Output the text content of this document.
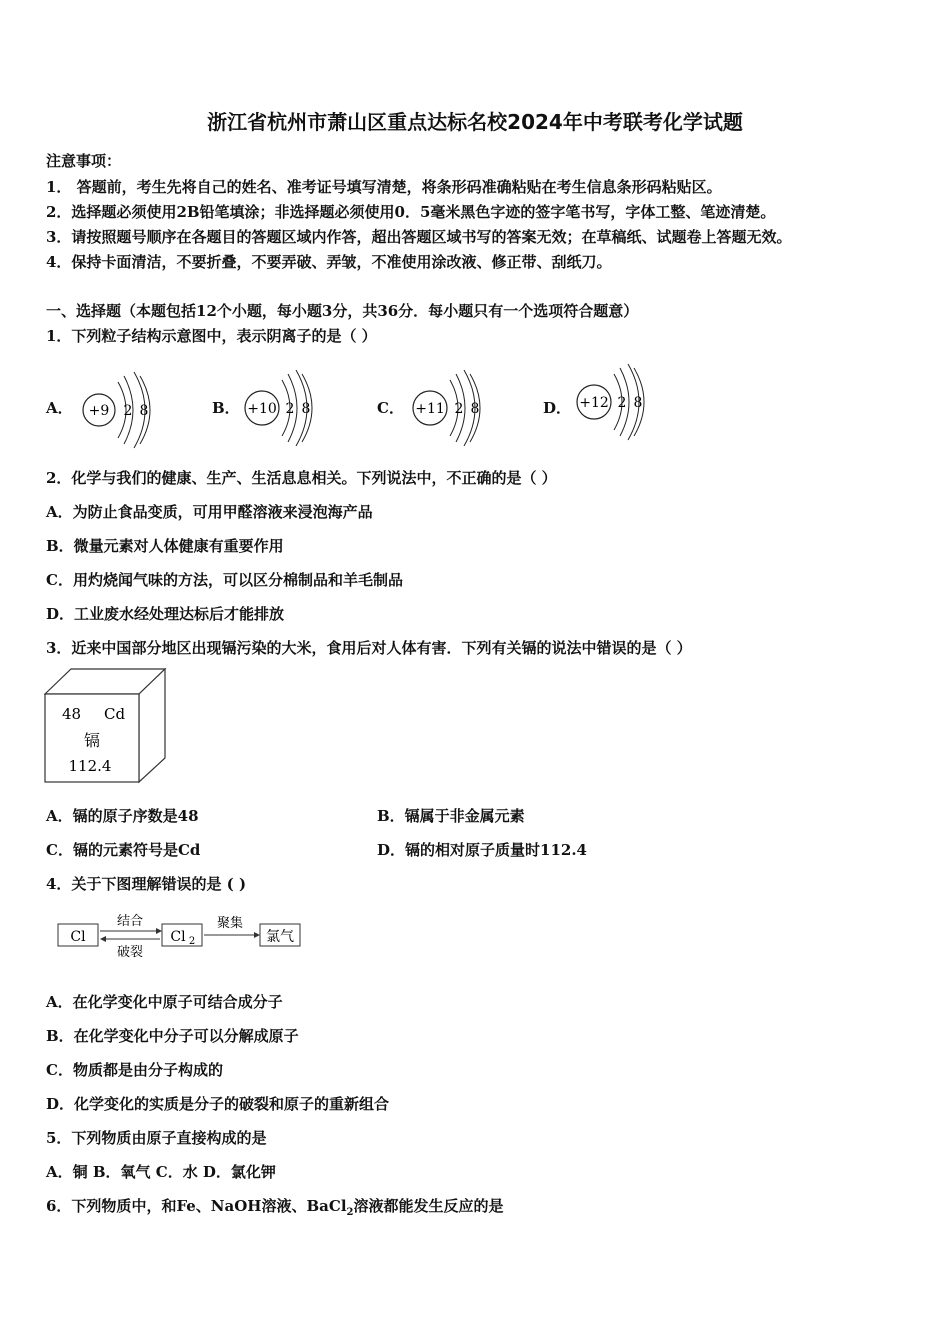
浙江省杭州市萧山区重点达标名校2024年中考联考化学试题
注意事项：
1． 答题前，考生先将自己的姓名、准考证号填写清楚，将条形码准确粘贴在考生信息条形码粘贴区。
2．选择题必须使用2B铅笔填涂；非选择题必须使用0．5毫米黑色字迹的签字笔书写，字体工整、笔迹清楚。
3．请按照题号顺序在各题目的答题区域内作答，超出答题区域书写的答案无效；在草稿纸、试题卷上答题无效。
4．保持卡面清洁，不要折叠，不要弄破、弄皱，不准使用涂改液、修正带、刮纸刀。
一、选择题（本题包括12个小题，每小题3分，共36分．每小题只有一个选项符合题意）
1．下列粒子结构示意图中，表示阴离子的是（ ）
A． +9 2 8	B． +10 2 8	C． +11 2 8	D． +12 2 8
2．化学与我们的健康、生产、生活息息相关。下列说法中，不正确的是（ ）
A．为防止食品变质，可用甲醛溶液来浸泡海产品
B．微量元素对人体健康有重要作用
C．用灼烧闻气味的方法，可以区分棉制品和羊毛制品
D．工业废水经处理达标后才能排放
3．近来中国部分地区出现镉污染的大米，食用后对人体有害．下列有关镉的说法中错误的是（ ）
48 Cd
镉
112.4
A．镉的原子序数是48	B．镉属于非金属元素
C．镉的元素符号是Cd	D．镉的相对原子质量时112.4
4．关于下图理解错误的是 ( )
Cl
结合
破裂
Cl 2
聚集
氯气
A．在化学变化中原子可结合成分子
B．在化学变化中分子可以分解成原子
C．物质都是由分子构成的
D．化学变化的实质是分子的破裂和原子的重新组合
5．下列物质由原子直接构成的是
A．铜 B．氧气 C．水 D．氯化钾
6．下列物质中，和Fe、NaOH溶液、BaCl$_2$溶液都能发生反应的是
